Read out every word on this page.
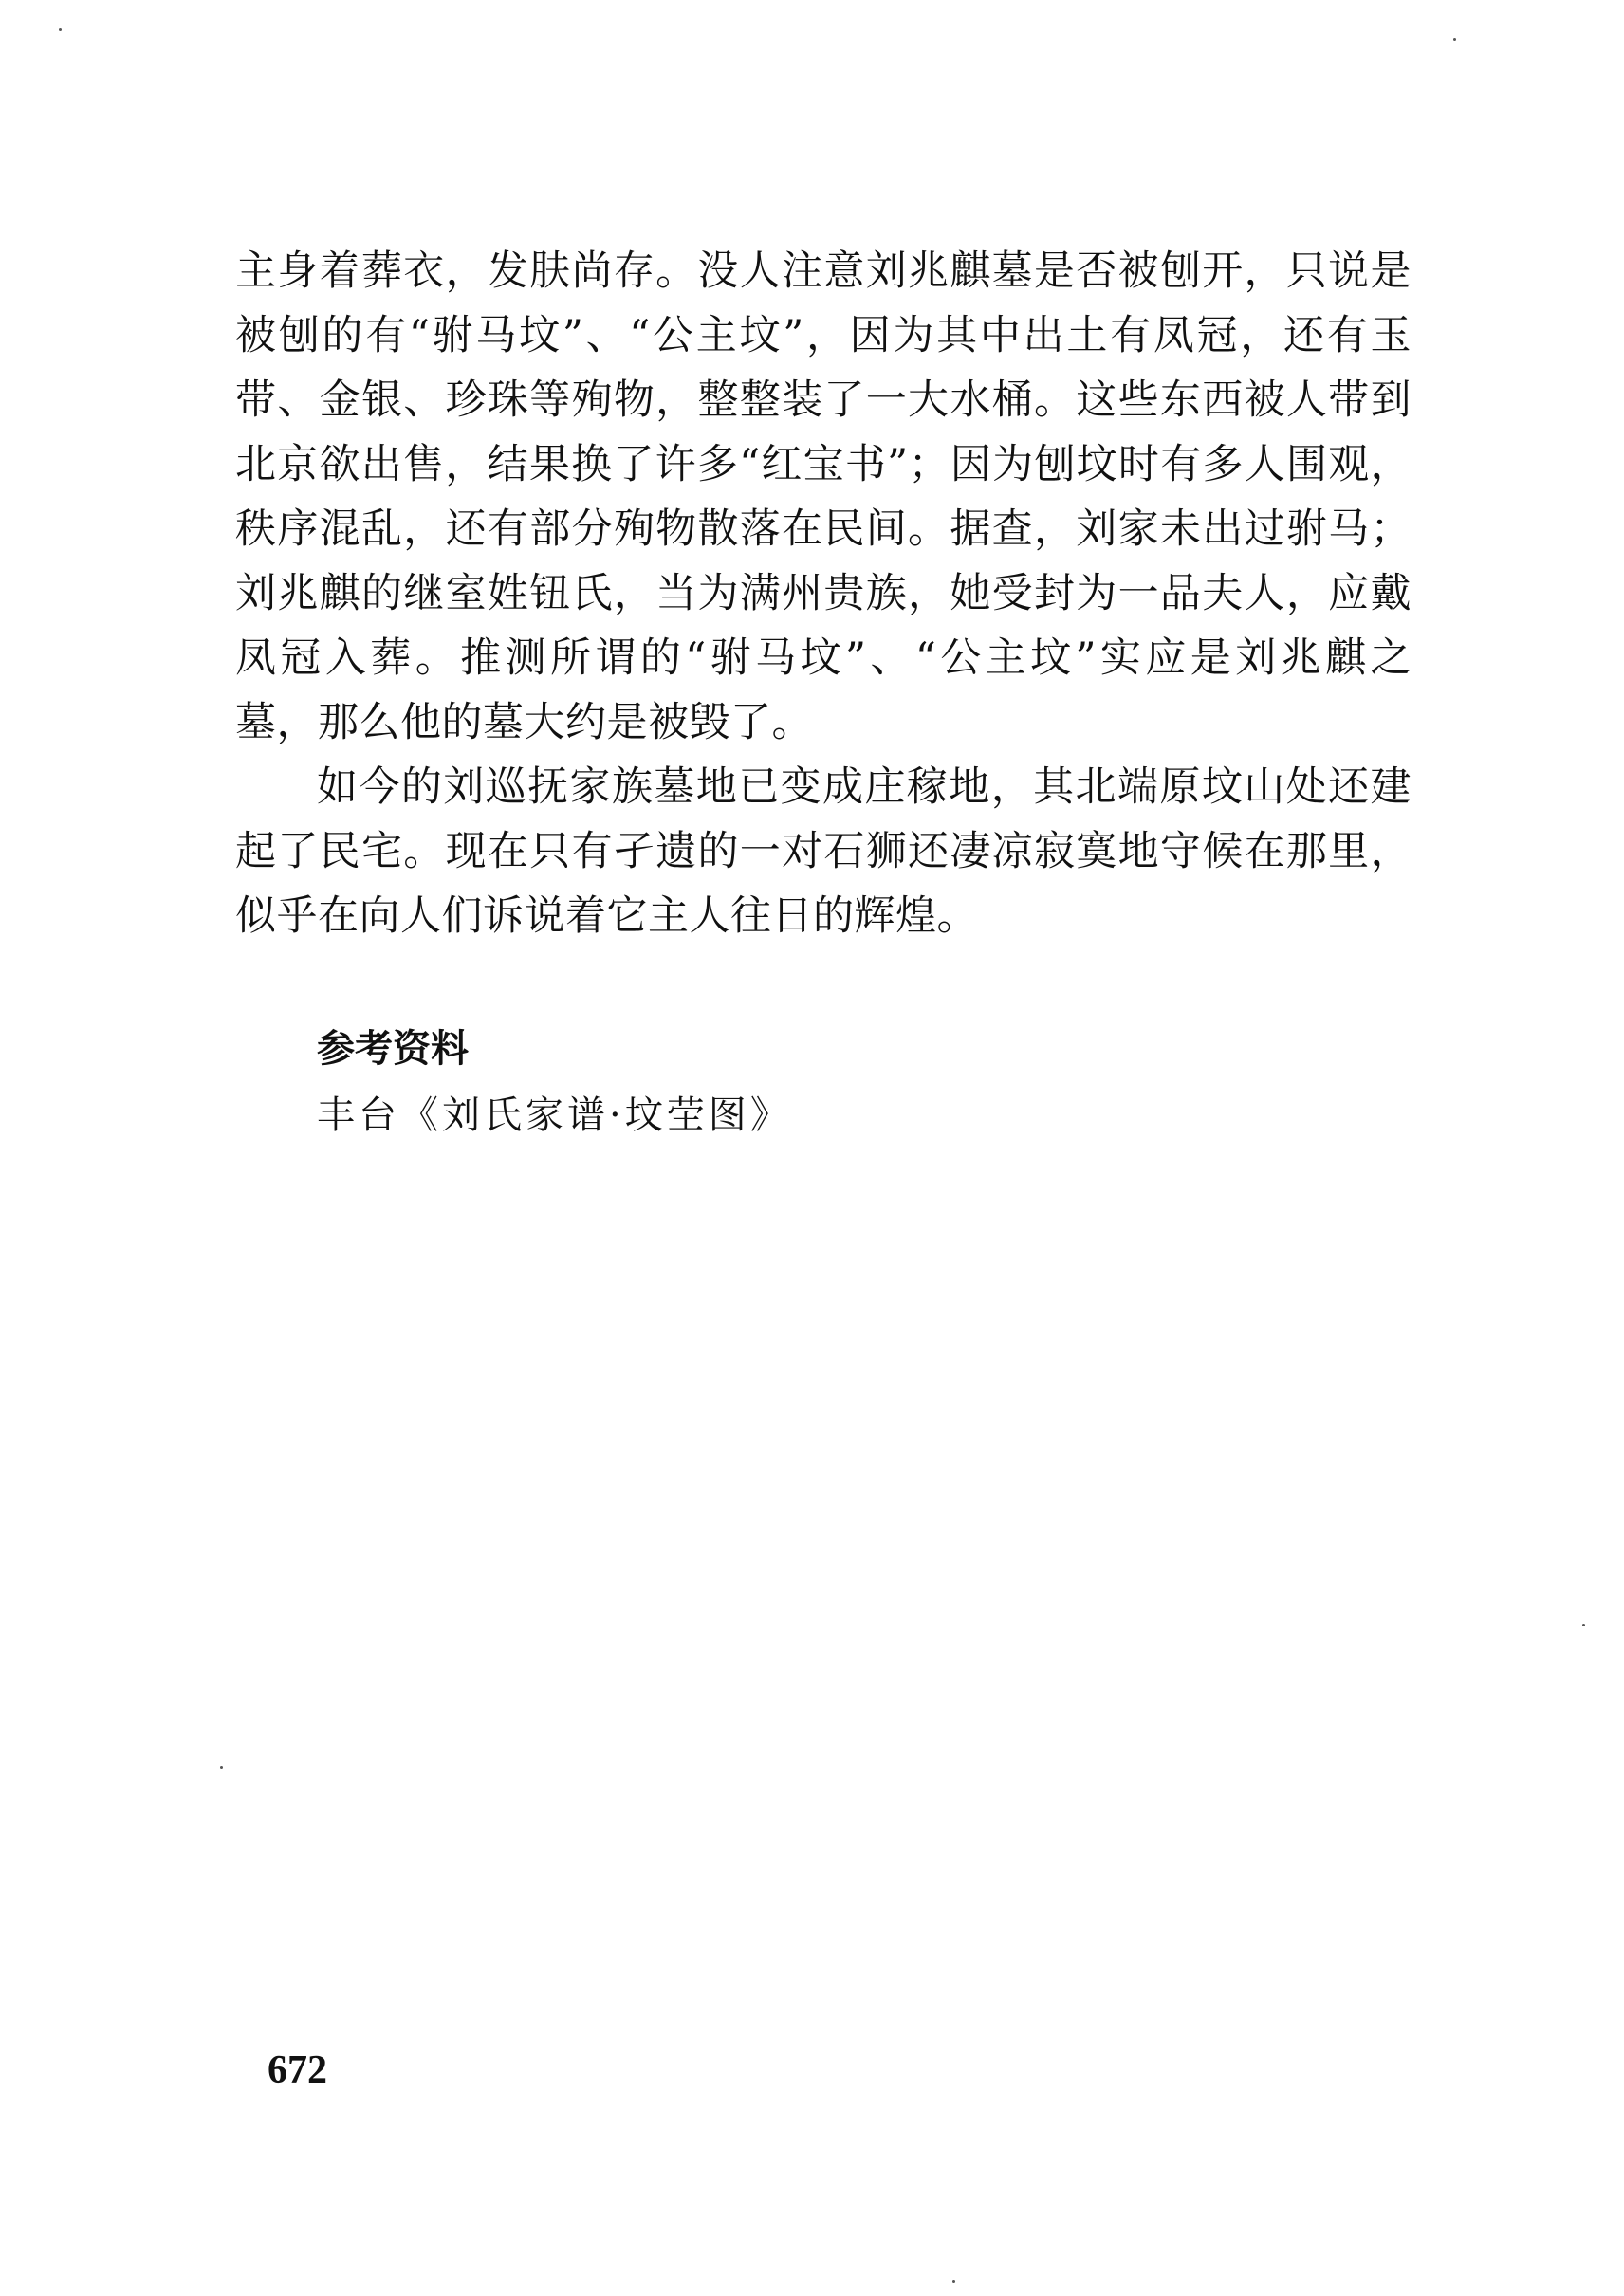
主身着葬衣，发肤尚存。没人注意刘兆麒墓是否被刨开，只说是

被刨的有“驸马坟”、“公主坟”，因为其中出土有凤冠，还有玉

带、金银、珍珠等殉物，整整装了一大水桶。这些东西被人带到

北京欲出售，结果换了许多“红宝书”；因为刨坟时有多人围观，

秩序混乱，还有部分殉物散落在民间。据查，刘家未出过驸马；

刘兆麒的继室姓钮氏，当为满州贵族，她受封为一品夫人，应戴

凤冠入葬。推测所谓的“驸马坟”、“公主坟”实应是刘兆麒之

墓，那么他的墓大约是被毁了。

如今的刘巡抚家族墓地已变成庄稼地，其北端原坟山处还建

起了民宅。现在只有孑遗的一对石狮还凄凉寂寞地守候在那里，

似乎在向人们诉说着它主人往日的辉煌。

参考资料

丰台《刘氏家谱·坟茔图》

672
